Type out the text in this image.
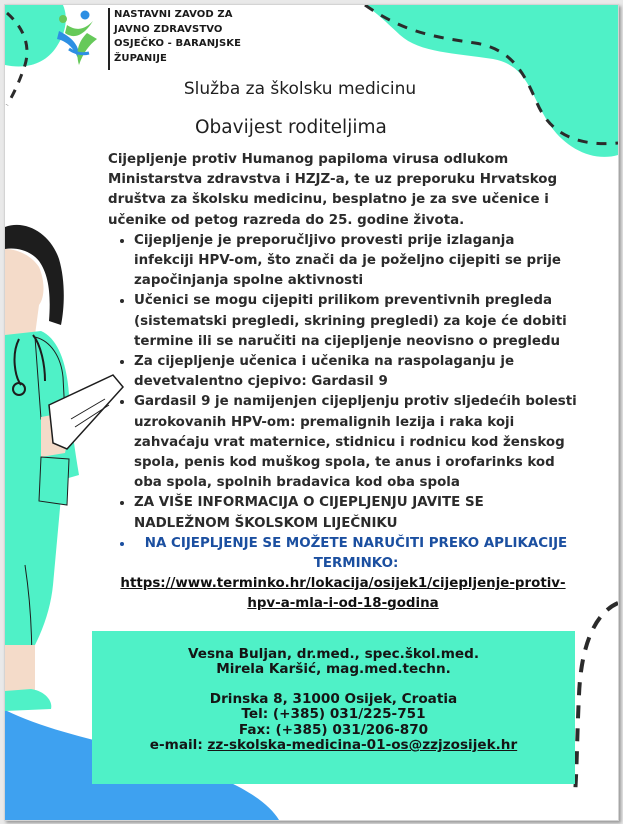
NASTAVNI ZAVOD ZA
JAVNO ZDRAVSTVO
OSJEČKO - BARANJSKE
ŽUPANIJE
Služba za školsku medicinu
Obavijest roditeljima

Cijepljenje protiv Humanog papiloma virusa odlukom Ministarstva zdravstva i HZJZ-a, te uz preporuku Hrvatskog društva za školsku medicinu, besplatno je za sve učenice i učenike od petog razreda do 25. godine života.

• Cijepljenje je preporučljivo provesti prije izlaganja infekciji HPV-om, što znači da je poželjno cijepiti se prije započinjanja spolne aktivnosti
• Učenici se mogu cijepiti prilikom preventivnih pregleda (sistematski pregledi, skrining pregledi) za koje će dobiti termine ili se naručiti na cijepljenje neovisno o pregledu
• Za cijepljenje učenica i učenika na raspolaganju je devetvalentno cjepivo: Gardasil 9
• Gardasil 9 je namijenjen cijepljenju protiv sljedećih bolesti uzrokovanih HPV-om: premalignih lezija i raka koji zahvaćaju vrat maternice, stidnicu i rodnicu kod ženskog spola, penis kod muškog spola, te anus i orofarinks kod oba spola, spolnih bradavica kod oba spola
• ZA VIŠE INFORMACIJA O CIJEPLJENJU JAVITE SE NADLEŽNOM ŠKOLSKOM LIJEČNIKU
• NA CIJEPLJENJE SE MOŽETE NARUČITI PREKO APLIKACIJE TERMINKO:
https://www.terminko.hr/lokacija/osijek1/cijepljenje-protiv-hpv-a-mla-i-od-18-godina
Vesna Buljan, dr.med., spec.škol.med.
Mirela Karšić, mag.med.techn.
Drinska 8, 31000 Osijek, Croatia
Tel: (+385) 031/225-751
Fax: (+385) 031/206-870
e-mail: zz-skolska-medicina-01-os@zzjzosijek.hr
